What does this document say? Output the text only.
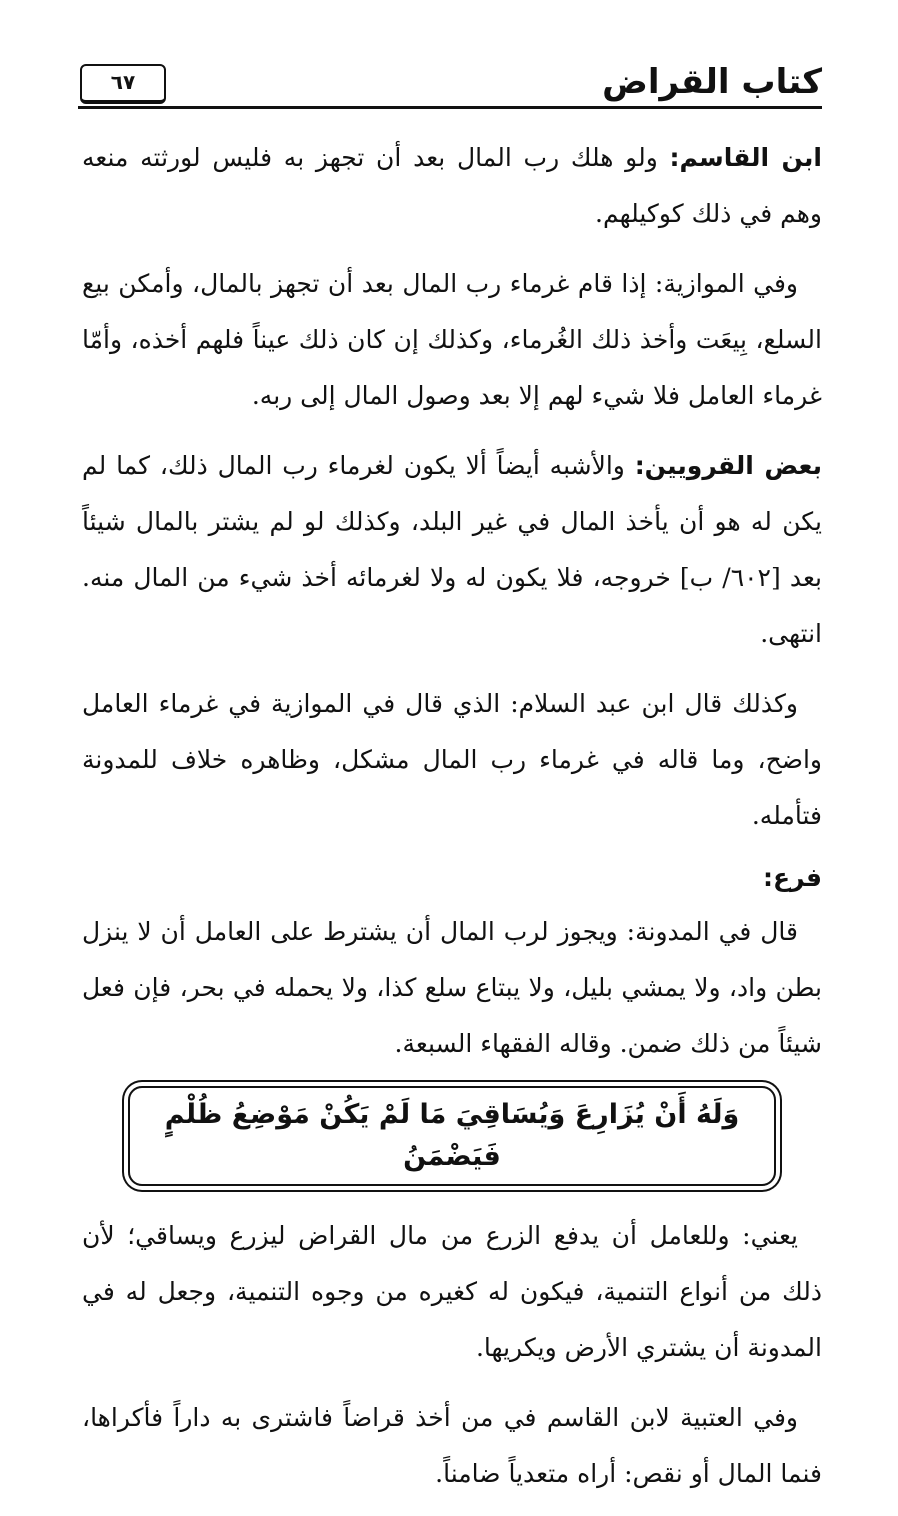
كتاب القراض
٦٧

ابن القاسم: ولو هلك رب المال بعد أن تجهز به فليس لورثته منعه وهم في ذلك كوكيلهم.

وفي الموازية: إذا قام غرماء رب المال بعد أن تجهز بالمال، وأمكن بيع السلع، بِيعَت وأخذ ذلك الغُرماء، وكذلك إن كان ذلك عيناً فلهم أخذه، وأمّا غرماء العامل فلا شيء لهم إلا بعد وصول المال إلى ربه.

بعض القرويين: والأشبه أيضاً ألا يكون لغرماء رب المال ذلك، كما لم يكن له هو أن يأخذ المال في غير البلد، وكذلك لو لم يشتر بالمال شيئاً بعد [٦٠٢/ ب] خروجه، فلا يكون له ولا لغرمائه أخذ شيء من المال منه. انتهى.

وكذلك قال ابن عبد السلام: الذي قال في الموازية في غرماء العامل واضح، وما قاله في غرماء رب المال مشكل، وظاهره خلاف للمدونة فتأمله.

فرع:

قال في المدونة: ويجوز لرب المال أن يشترط على العامل أن لا ينزل بطن واد، ولا يمشي بليل، ولا يبتاع سلع كذا، ولا يحمله في بحر، فإن فعل شيئاً من ذلك ضمن. وقاله الفقهاء السبعة.

وَلَهُ أَنْ يُزَارِعَ وَيُسَاقِيَ مَا لَمْ يَكُنْ مَوْضِعُ ظُلْمٍ فَيَضْمَنُ

يعني: وللعامل أن يدفع الزرع من مال القراض ليزرع ويساقي؛ لأن ذلك من أنواع التنمية، فيكون له كغيره من وجوه التنمية، وجعل له في المدونة أن يشتري الأرض ويكريها.

وفي العتبية لابن القاسم في من أخذ قراضاً فاشترى به داراً فأكراها، فنما المال أو نقص: أراه متعدياً ضامناً.
